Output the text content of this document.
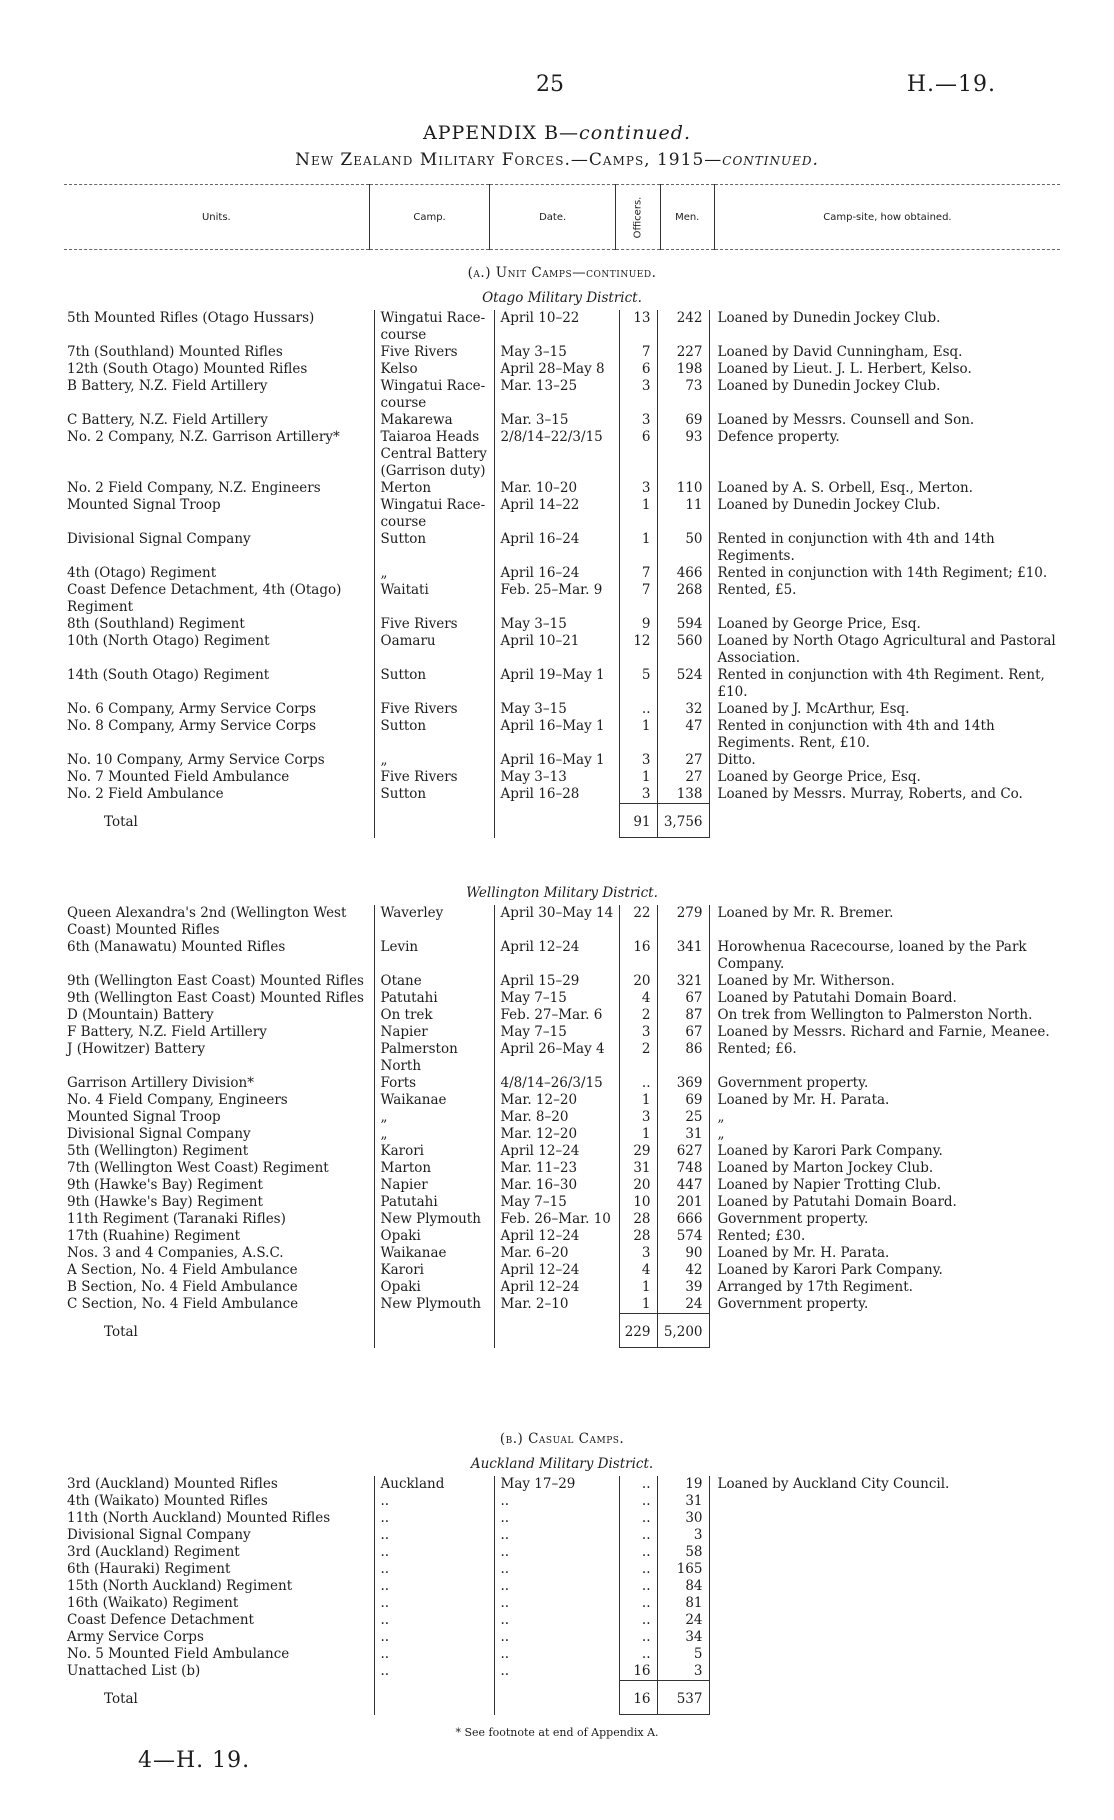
25	H.—19.
APPENDIX B—continued.
New Zealand Military Forces.—Camps, 1915—continued.
Units.	Camp.	Date.	Officers.	Men.	Camp-site, how obtained.
(a.) Unit Camps—continued.					
Otago Military District.					
5th Mounted Rifles (Otago Hussars)	Wingatui Race-course	April 10–22	13	242	Loaned by Dunedin Jockey Club.
7th (Southland) Mounted Rifles	Five Rivers	May 3–15	7	227	Loaned by David Cunningham, Esq.
12th (South Otago) Mounted Rifles	Kelso	April 28–May 8	6	198	Loaned by Lieut. J. L. Herbert, Kelso.
B Battery, N.Z. Field Artillery	Wingatui Race-course	Mar. 13–25	3	73	Loaned by Dunedin Jockey Club.
C Battery, N.Z. Field Artillery	Makarewa	Mar. 3–15	3	69	Loaned by Messrs. Counsell and Son.
No. 2 Company, N.Z. Garrison Artillery*	Taiaroa Heads Central Battery (Garrison duty)	2/8/14–22/3/15	6	93	Defence property.
No. 2 Field Company, N.Z. Engineers	Merton	Mar. 10–20	3	110	Loaned by A. S. Orbell, Esq., Merton.
Mounted Signal Troop	Wingatui Race-course	April 14–22	1	11	Loaned by Dunedin Jockey Club.
Divisional Signal Company	Sutton	April 16–24	1	50	Rented in conjunction with 4th and 14th Regiments.
4th (Otago) Regiment	„	April 16–24	7	466	Rented in conjunction with 14th Regiment; £10.
Coast Defence Detachment, 4th (Otago) Regiment	Waitati	Feb. 25–Mar. 9	7	268	Rented, £5.
8th (Southland) Regiment	Five Rivers	May 3–15	9	594	Loaned by George Price, Esq.
10th (North Otago) Regiment	Oamaru	April 10–21	12	560	Loaned by North Otago Agricultural and Pastoral Association.
14th (South Otago) Regiment	Sutton	April 19–May 1	5	524	Rented in conjunction with 4th Regiment. Rent, £10.
No. 6 Company, Army Service Corps	Five Rivers	May 3–15	..	32	Loaned by J. McArthur, Esq.
No. 8 Company, Army Service Corps	Sutton	April 16–May 1	1	47	Rented in conjunction with 4th and 14th Regiments. Rent, £10.
No. 10 Company, Army Service Corps	„	April 16–May 1	3	27	Ditto.
No. 7 Mounted Field Ambulance	Five Rivers	May 3–13	1	27	Loaned by George Price, Esq.
No. 2 Field Ambulance	Sutton	April 16–28	3	138	Loaned by Messrs. Murray, Roberts, and Co.
Total			91	3,756	
Wellington Military District.					
Queen Alexandra's 2nd (Wellington West Coast) Mounted Rifles	Waverley	April 30–May 14	22	279	Loaned by Mr. R. Bremer.
6th (Manawatu) Mounted Rifles	Levin	April 12–24	16	341	Horowhenua Racecourse, loaned by the Park Company.
9th (Wellington East Coast) Mounted Rifles	Otane	April 15–29	20	321	Loaned by Mr. Witherson.
9th (Wellington East Coast) Mounted Rifles	Patutahi	May 7–15	4	67	Loaned by Patutahi Domain Board.
D (Mountain) Battery	On trek	Feb. 27–Mar. 6	2	87	On trek from Wellington to Palmerston North.
F Battery, N.Z. Field Artillery	Napier	May 7–15	3	67	Loaned by Messrs. Richard and Farnie, Meanee.
J (Howitzer) Battery	Palmerston North	April 26–May 4	2	86	Rented; £6.
Garrison Artillery Division*	Forts	4/8/14–26/3/15	..	369	Government property.
No. 4 Field Company, Engineers	Waikanae	Mar. 12–20	1	69	Loaned by Mr. H. Parata.
Mounted Signal Troop	„	Mar. 8–20	3	25	„
Divisional Signal Company	„	Mar. 12–20	1	31	„
5th (Wellington) Regiment	Karori	April 12–24	29	627	Loaned by Karori Park Company.
7th (Wellington West Coast) Regiment	Marton	Mar. 11–23	31	748	Loaned by Marton Jockey Club.
9th (Hawke's Bay) Regiment	Napier	Mar. 16–30	20	447	Loaned by Napier Trotting Club.
9th (Hawke's Bay) Regiment	Patutahi	May 7–15	10	201	Loaned by Patutahi Domain Board.
11th Regiment (Taranaki Rifles)	New Plymouth	Feb. 26–Mar. 10	28	666	Government property.
17th (Ruahine) Regiment	Opaki	April 12–24	28	574	Rented; £30.
Nos. 3 and 4 Companies, A.S.C.	Waikanae	Mar. 6–20	3	90	Loaned by Mr. H. Parata.
A Section, No. 4 Field Ambulance	Karori	April 12–24	4	42	Loaned by Karori Park Company.
B Section, No. 4 Field Ambulance	Opaki	April 12–24	1	39	Arranged by 17th Regiment.
C Section, No. 4 Field Ambulance	New Plymouth	Mar. 2–10	1	24	Government property.
Total			229	5,200	
(b.) Casual Camps.					
Auckland Military District.					
3rd (Auckland) Mounted Rifles	Auckland	May 17–29	..	19	Loaned by Auckland City Council.
4th (Waikato) Mounted Rifles	..	..	..	31	
11th (North Auckland) Mounted Rifles	..	..	..	30	
Divisional Signal Company	..	..	..	3	
3rd (Auckland) Regiment	..	..	..	58	
6th (Hauraki) Regiment	..	..	..	165	
15th (North Auckland) Regiment	..	..	..	84	
16th (Waikato) Regiment	..	..	..	81	
Coast Defence Detachment	..	..	..	24	
Army Service Corps	..	..	..	34	
No. 5 Mounted Field Ambulance	..	..	..	5	
Unattached List (b)	..	..	16	3	
Total			16	537	
* See footnote at end of Appendix A.
4—H. 19.
